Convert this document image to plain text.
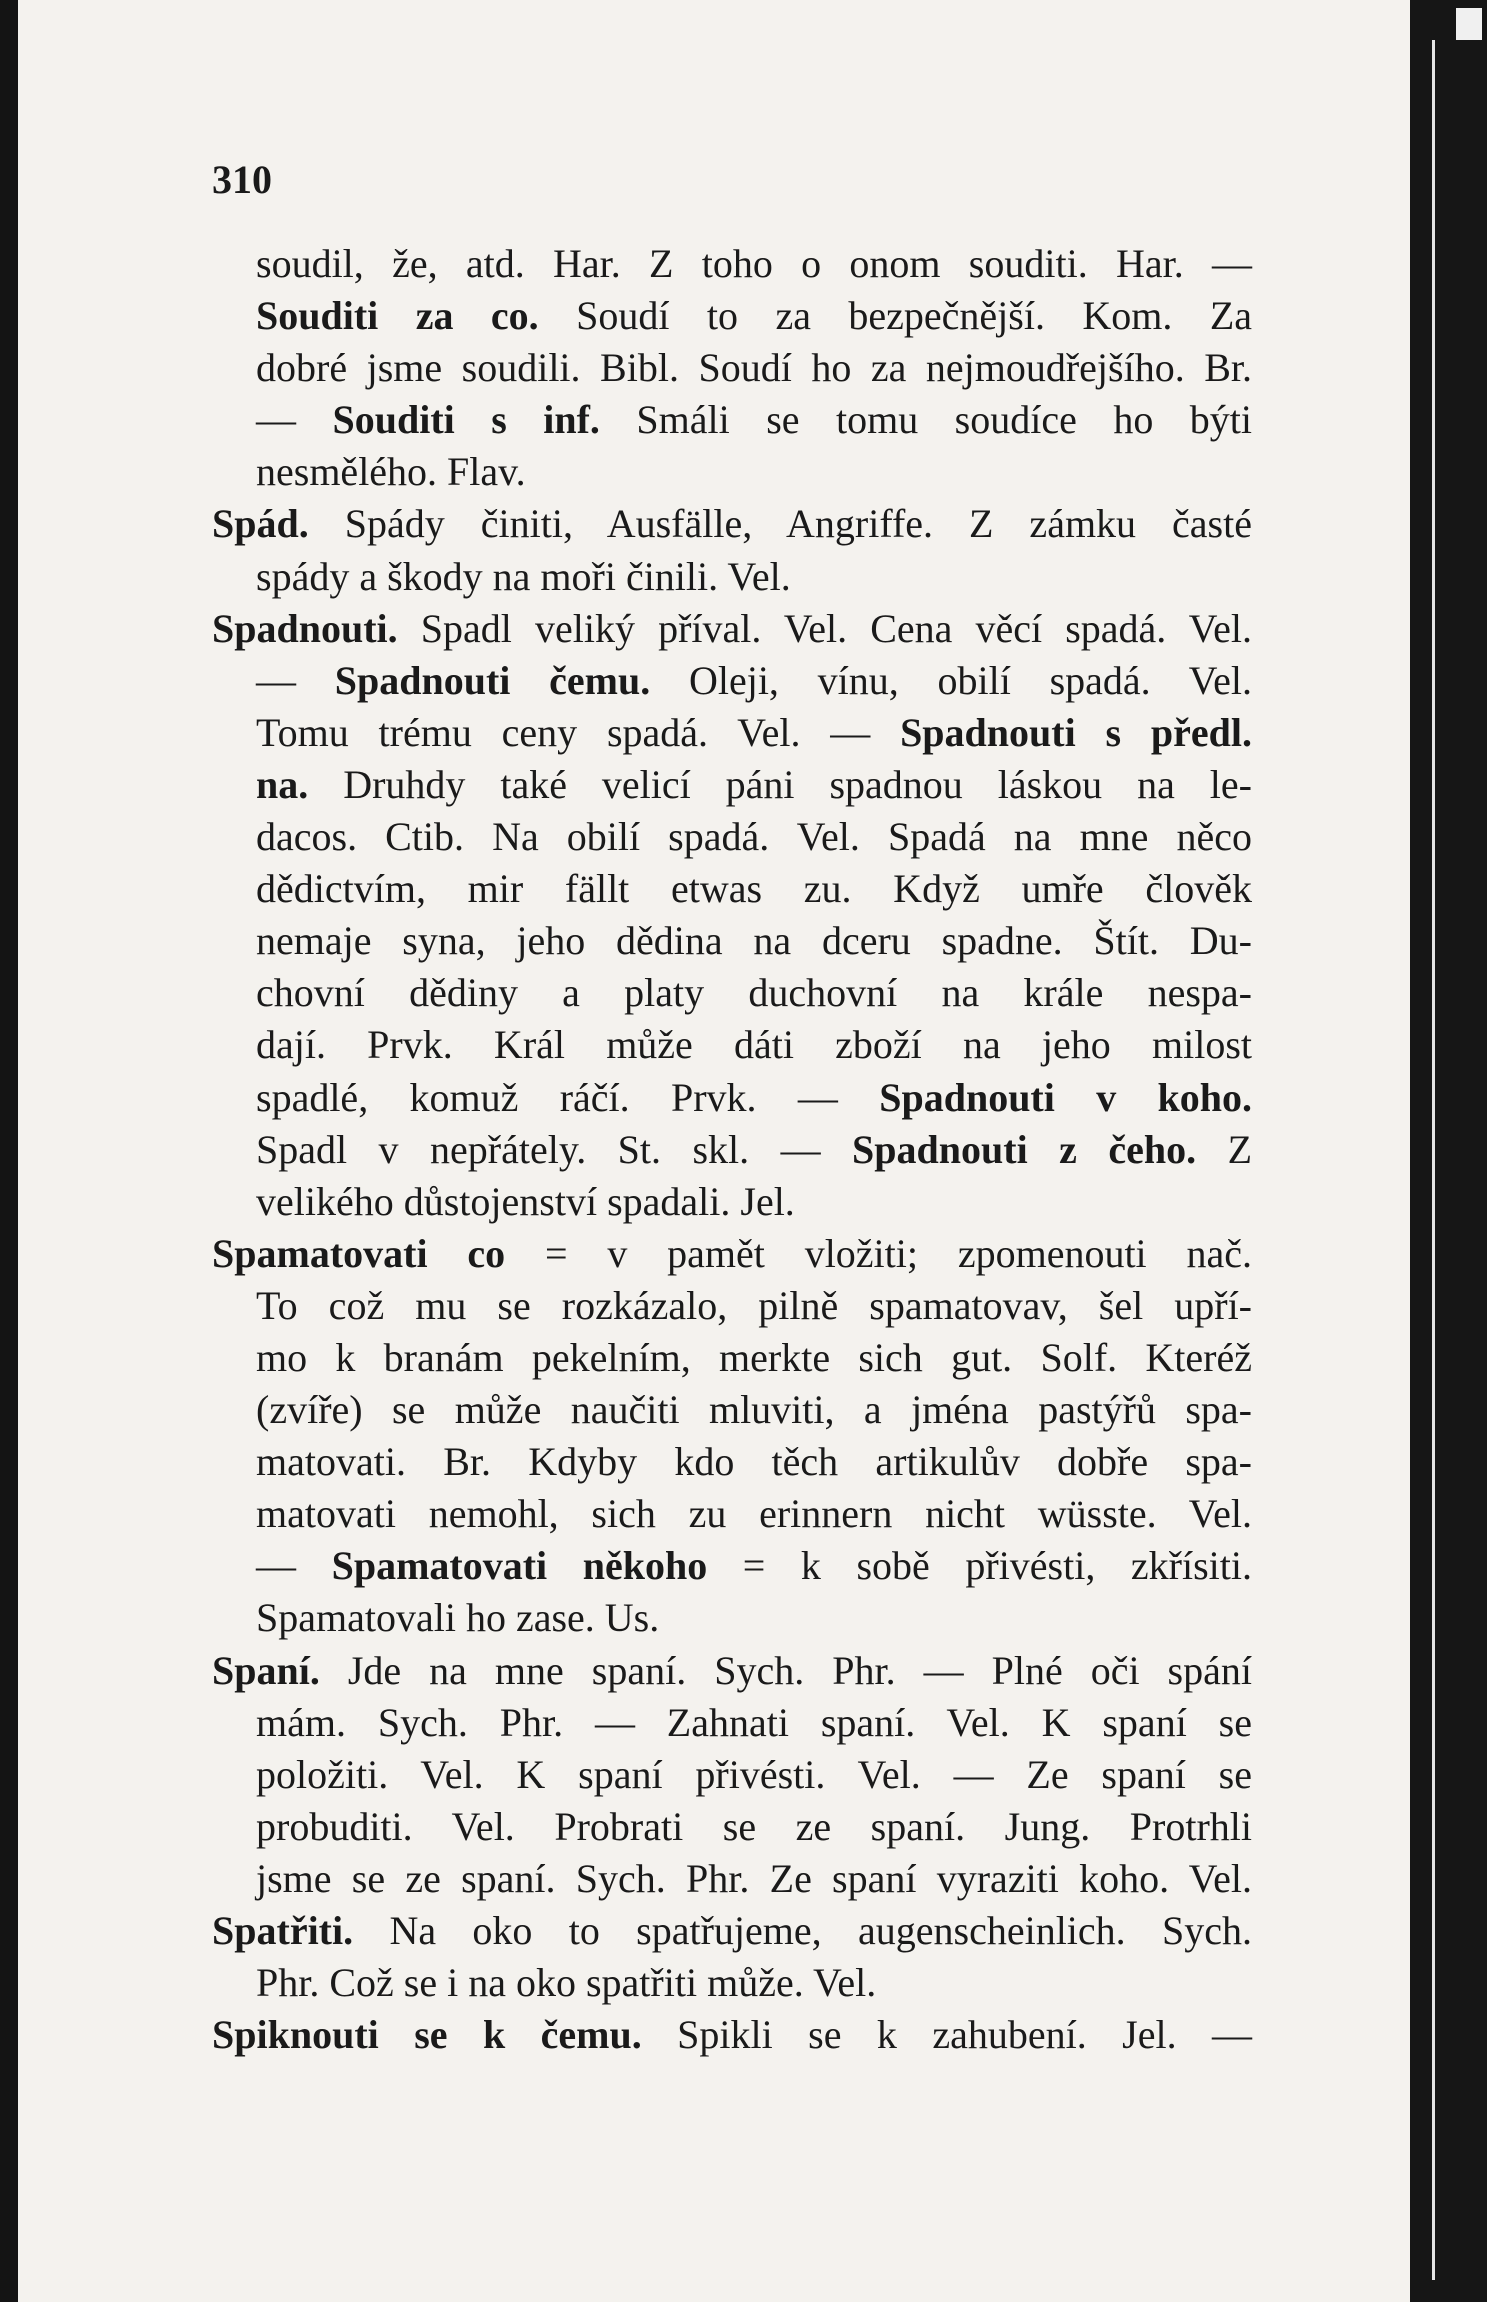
310
soudil, že, atd. Har. Z toho o onom souditi. Har. —
Souditi za co. Soudí to za bezpečnější. Kom. Za
dobré jsme soudili. Bibl. Soudí ho za nejmoudřejšího. Br.
— Souditi s inf. Smáli se tomu soudíce ho býti
nesmělého. Flav.
Spád. Spády činiti, Ausfälle, Angriffe. Z zámku časté
spády a škody na moři činili. Vel.
Spadnouti. Spadl veliký příval. Vel. Cena věcí spadá. Vel.
— Spadnouti čemu. Oleji, vínu, obilí spadá. Vel.
Tomu trému ceny spadá. Vel. — Spadnouti s předl.
na. Druhdy také velicí páni spadnou láskou na le-
dacos. Ctib. Na obilí spadá. Vel. Spadá na mne něco
dědictvím, mir fällt etwas zu. Když umře člověk
nemaje syna, jeho dědina na dceru spadne. Štít. Du-
chovní dědiny a platy duchovní na krále nespa-
dají. Prvk. Král může dáti zboží na jeho milost
spadlé, komuž ráčí. Prvk. — Spadnouti v koho.
Spadl v nepřátely. St. skl. — Spadnouti z čeho. Z
velikého důstojenství spadali. Jel.
Spamatovati co = v pamět vložiti; zpomenouti nač.
To což mu se rozkázalo, pilně spamatovav, šel upří-
mo k branám pekelním, merkte sich gut. Solf. Kteréž
(zvíře) se může naučiti mluviti, a jména pastýřů spa-
matovati. Br. Kdyby kdo těch artikulův dobře spa-
matovati nemohl, sich zu erinnern nicht wüsste. Vel.
— Spamatovati někoho = k sobě přivésti, zkřísiti.
Spamatovali ho zase. Us.
Spaní. Jde na mne spaní. Sych. Phr. — Plné oči spání
mám. Sych. Phr. — Zahnati spaní. Vel. K spaní se
položiti. Vel. K spaní přivésti. Vel. — Ze spaní se
probuditi. Vel. Probrati se ze spaní. Jung. Protrhli
jsme se ze spaní. Sych. Phr. Ze spaní vyraziti koho. Vel.
Spatřiti. Na oko to spatřujeme, augenscheinlich. Sych.
Phr. Což se i na oko spatřiti může. Vel.
Spiknouti se k čemu. Spikli se k zahubení. Jel. —
